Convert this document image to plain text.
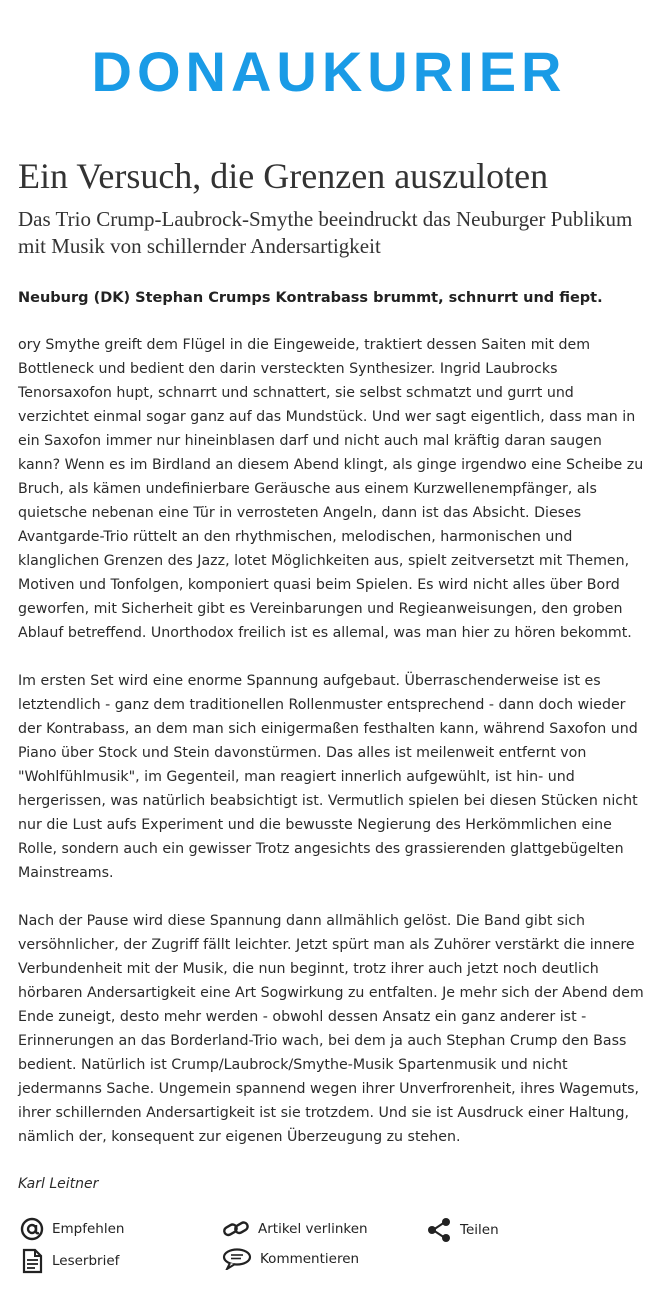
DONAUKURIER
Ein Versuch, die Grenzen auszuloten
Das Trio Crump-Laubrock-Smythe beeindruckt das Neuburger Publikum mit Musik von schillernder Andersartigkeit

Neuburg (DK) Stephan Crumps Kontrabass brummt, schnurrt und fiept.

ory Smythe greift dem Flügel in die Eingeweide, traktiert dessen Saiten mit dem Bottleneck und bedient den darin versteckten Synthesizer. Ingrid Laubrocks Tenorsaxofon hupt, schnarrt und schnattert, sie selbst schmatzt und gurrt und verzichtet einmal sogar ganz auf das Mundstück. Und wer sagt eigentlich, dass man in ein Saxofon immer nur hineinblasen darf und nicht auch mal kräftig daran saugen kann? Wenn es im Birdland an diesem Abend klingt, als ginge irgendwo eine Scheibe zu Bruch, als kämen undefinierbare Geräusche aus einem Kurzwellenempfänger, als quietsche nebenan eine Tür in verrosteten Angeln, dann ist das Absicht. Dieses Avantgarde-Trio rüttelt an den rhythmischen, melodischen, harmonischen und klanglichen Grenzen des Jazz, lotet Möglichkeiten aus, spielt zeitversetzt mit Themen, Motiven und Tonfolgen, komponiert quasi beim Spielen. Es wird nicht alles über Bord geworfen, mit Sicherheit gibt es Vereinbarungen und Regieanweisungen, den groben Ablauf betreffend. Unorthodox freilich ist es allemal, was man hier zu hören bekommt.

Im ersten Set wird eine enorme Spannung aufgebaut. Überraschenderweise ist es letztendlich - ganz dem traditionellen Rollenmuster entsprechend - dann doch wieder der Kontrabass, an dem man sich einigermaßen festhalten kann, während Saxofon und Piano über Stock und Stein davonstürmen. Das alles ist meilenweit entfernt von "Wohlfühlmusik", im Gegenteil, man reagiert innerlich aufgewühlt, ist hin- und hergerissen, was natürlich beabsichtigt ist. Vermutlich spielen bei diesen Stücken nicht nur die Lust aufs Experiment und die bewusste Negierung des Herkömmlichen eine Rolle, sondern auch ein gewisser Trotz angesichts des grassierenden glattgebügelten Mainstreams.

Nach der Pause wird diese Spannung dann allmählich gelöst. Die Band gibt sich versöhnlicher, der Zugriff fällt leichter. Jetzt spürt man als Zuhörer verstärkt die innere Verbundenheit mit der Musik, die nun beginnt, trotz ihrer auch jetzt noch deutlich hörbaren Andersartigkeit eine Art Sogwirkung zu entfalten. Je mehr sich der Abend dem Ende zuneigt, desto mehr werden - obwohl dessen Ansatz ein ganz anderer ist - Erinnerungen an das Borderland-Trio wach, bei dem ja auch Stephan Crump den Bass bedient. Natürlich ist Crump/Laubrock/Smythe-Musik Spartenmusik und nicht jedermanns Sache. Ungemein spannend wegen ihrer Unverfrorenheit, ihres Wagemuts, ihrer schillernden Andersartigkeit ist sie trotzdem. Und sie ist Ausdruck einer Haltung, nämlich der, konsequent zur eigenen Überzeugung zu stehen.

Karl Leitner

Empfehlen	Artikel verlinken	Teilen
Leserbrief	Kommentieren
